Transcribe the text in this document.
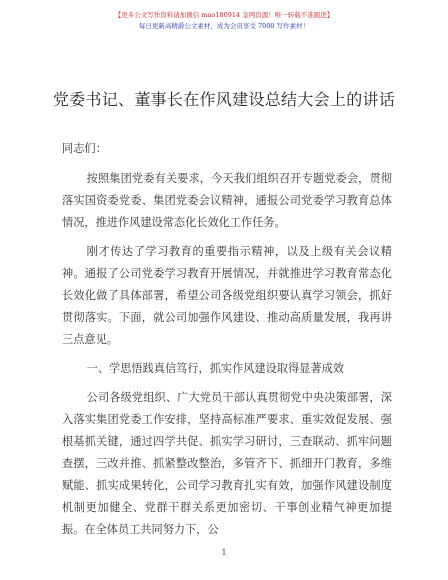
【更多公文写作资料请加微信 mao180914 金网资源！唯一转载不准跟进】
每日更新高精爵公文素材，成为会员享受 7000 写作素材！
党委书记、董事长在作风建设总结大会上的讲话

同志们：

按照集团党委有关要求，今天我们组织召开专题党委会，贯彻落实国资委党委、集团党委会议精神，通报公司党委学习教育总体情况，推进作风建设常态化长效化工作任务。

刚才传达了学习教育的重要指示精神，以及上级有关会议精神。通报了公司党委学习教育开展情况，并就推进学习教育常态化长效化做了具体部署，希望公司各级党组织要认真学习领会，抓好贯彻落实。下面，就公司加强作风建设、推动高质量发展，我再讲三点意见。

一、学思悟践真信笃行，抓实作风建设取得显著成效

公司各级党组织、广大党员干部认真贯彻党中央决策部署，深入落实集团党委工作安排，坚持高标准严要求、重实效促发展、强根基抓关键，通过四学共促、抓实学习研讨，三查联动、抓牢问题查摆，三改并推、抓紧整改整治，多管齐下、抓细开门教育，多维赋能、抓实成果转化，公司学习教育扎实有效，加强作风建设制度机制更加健全、党群干群关系更加密切、干事创业精气神更加提振。在全体员工共同努力下，公

1
